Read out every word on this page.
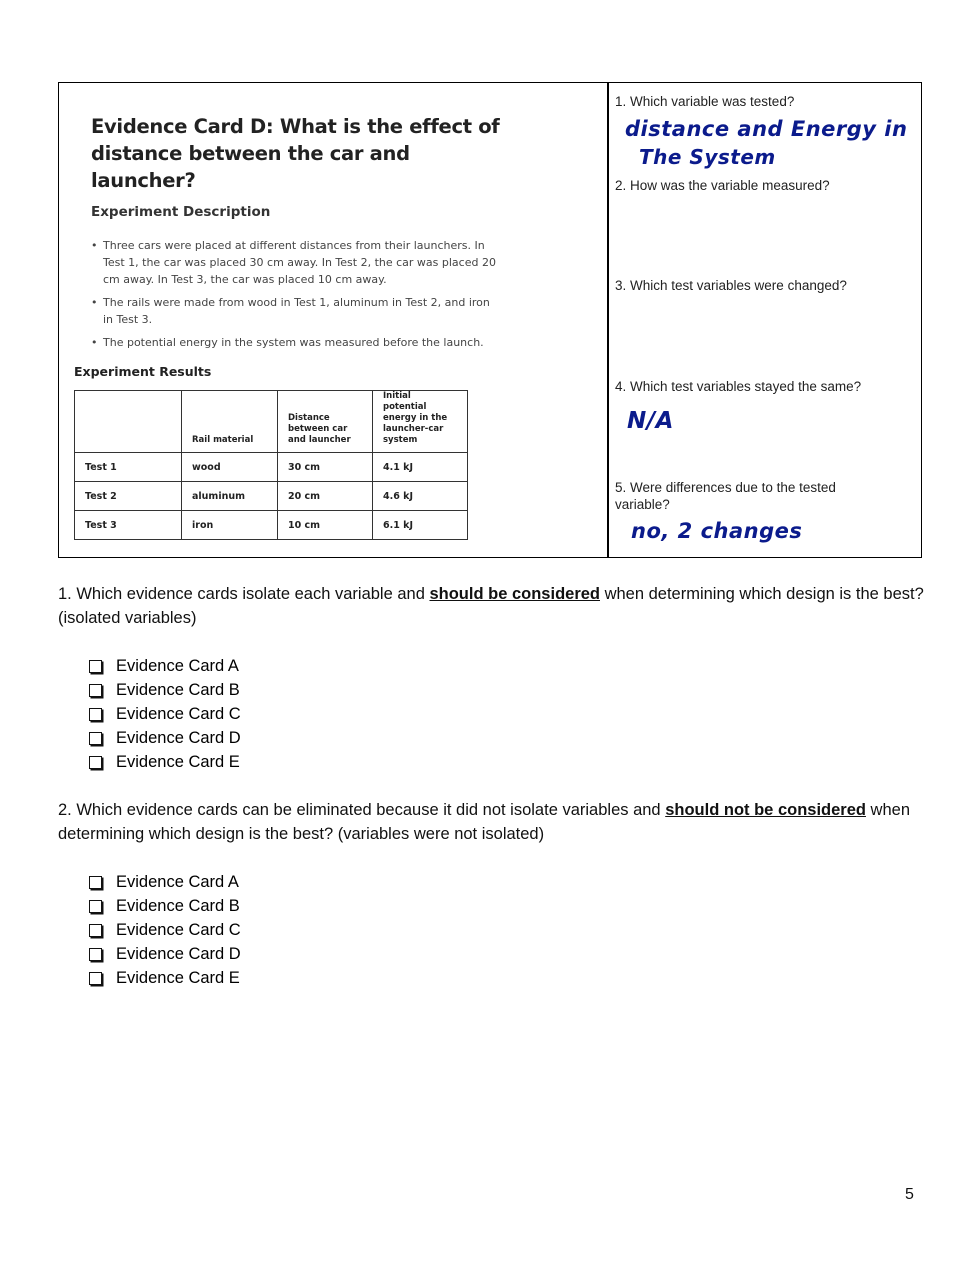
Evidence Card D: What is the effect of distance between the car and launcher?
Experiment Description
• Three cars were placed at different distances from their launchers. In Test 1, the car was placed 30 cm away. In Test 2, the car was placed 20 cm away. In Test 3, the car was placed 10 cm away.
• The rails were made from wood in Test 1, aluminum in Test 2, and iron in Test 3.
• The potential energy in the system was measured before the launch.
Experiment Results
	Rail material	Distance between car and launcher	Initial potential energy in the launcher-car system
Test 1	wood	30 cm	4.1 kJ
Test 2	aluminum	20 cm	4.6 kJ
Test 3	iron	10 cm	6.1 kJ
1. Which variable was tested?
distance and Energy in
The System
2. How was the variable measured?
3. Which test variables were changed?
4. Which test variables stayed the same?
N/A
5. Were differences due to the tested variable?
no, 2 changes
1. Which evidence cards isolate each variable and should be considered when determining which design is the best? (isolated variables)
Evidence Card A
Evidence Card B
Evidence Card C
Evidence Card D
Evidence Card E
2. Which evidence cards can be eliminated because it did not isolate variables and should not be considered when determining which design is the best? (variables were not isolated)
Evidence Card A
Evidence Card B
Evidence Card C
Evidence Card D
Evidence Card E
5
